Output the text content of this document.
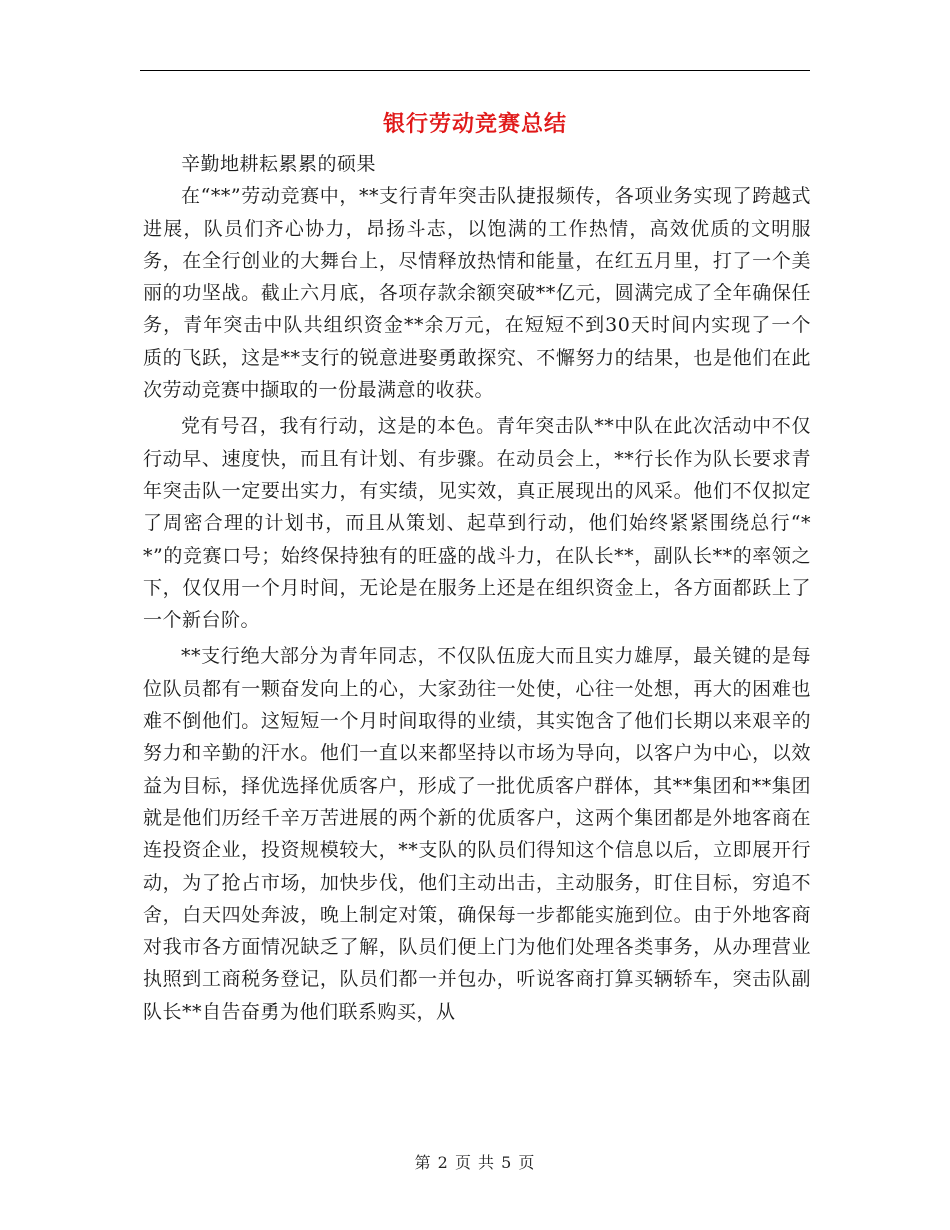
银行劳动竞赛总结

辛勤地耕耘累累的硕果

在“**”劳动竞赛中，**支行青年突击队捷报频传，各项业务实现了跨越式进展，队员们齐心协力，昂扬斗志，以饱满的工作热情，高效优质的文明服务，在全行创业的大舞台上，尽情释放热情和能量，在红五月里，打了一个美丽的功坚战。截止六月底，各项存款余额突破**亿元，圆满完成了全年确保任务，青年突击中队共组织资金**余万元，在短短不到30天时间内实现了一个质的飞跃，这是**支行的锐意进娶勇敢探究、不懈努力的结果，也是他们在此次劳动竞赛中撷取的一份最满意的收获。

党有号召，我有行动，这是的本色。青年突击队**中队在此次活动中不仅行动早、速度快，而且有计划、有步骤。在动员会上，**行长作为队长要求青年突击队一定要出实力，有实绩，见实效，真正展现出的风采。他们不仅拟定了周密合理的计划书，而且从策划、起草到行动，他们始终紧紧围绕总行“**”的竞赛口号；始终保持独有的旺盛的战斗力，在队长**，副队长**的率领之下，仅仅用一个月时间，无论是在服务上还是在组织资金上，各方面都跃上了一个新台阶。

**支行绝大部分为青年同志，不仅队伍庞大而且实力雄厚，最关键的是每位队员都有一颗奋发向上的心，大家劲往一处使，心往一处想，再大的困难也难不倒他们。这短短一个月时间取得的业绩，其实饱含了他们长期以来艰辛的努力和辛勤的汗水。他们一直以来都坚持以市场为导向，以客户为中心，以效益为目标，择优选择优质客户，形成了一批优质客户群体，其**集团和**集团就是他们历经千辛万苦进展的两个新的优质客户，这两个集团都是外地客商在连投资企业，投资规模较大，**支队的队员们得知这个信息以后，立即展开行动，为了抢占市场，加快步伐，他们主动出击，主动服务，盯住目标，穷追不舍，白天四处奔波，晚上制定对策，确保每一步都能实施到位。由于外地客商对我市各方面情况缺乏了解，队员们便上门为他们处理各类事务，从办理营业执照到工商税务登记，队员们都一并包办，听说客商打算买辆轿车，突击队副队长**自告奋勇为他们联系购买，从

第 2 页 共 5 页
